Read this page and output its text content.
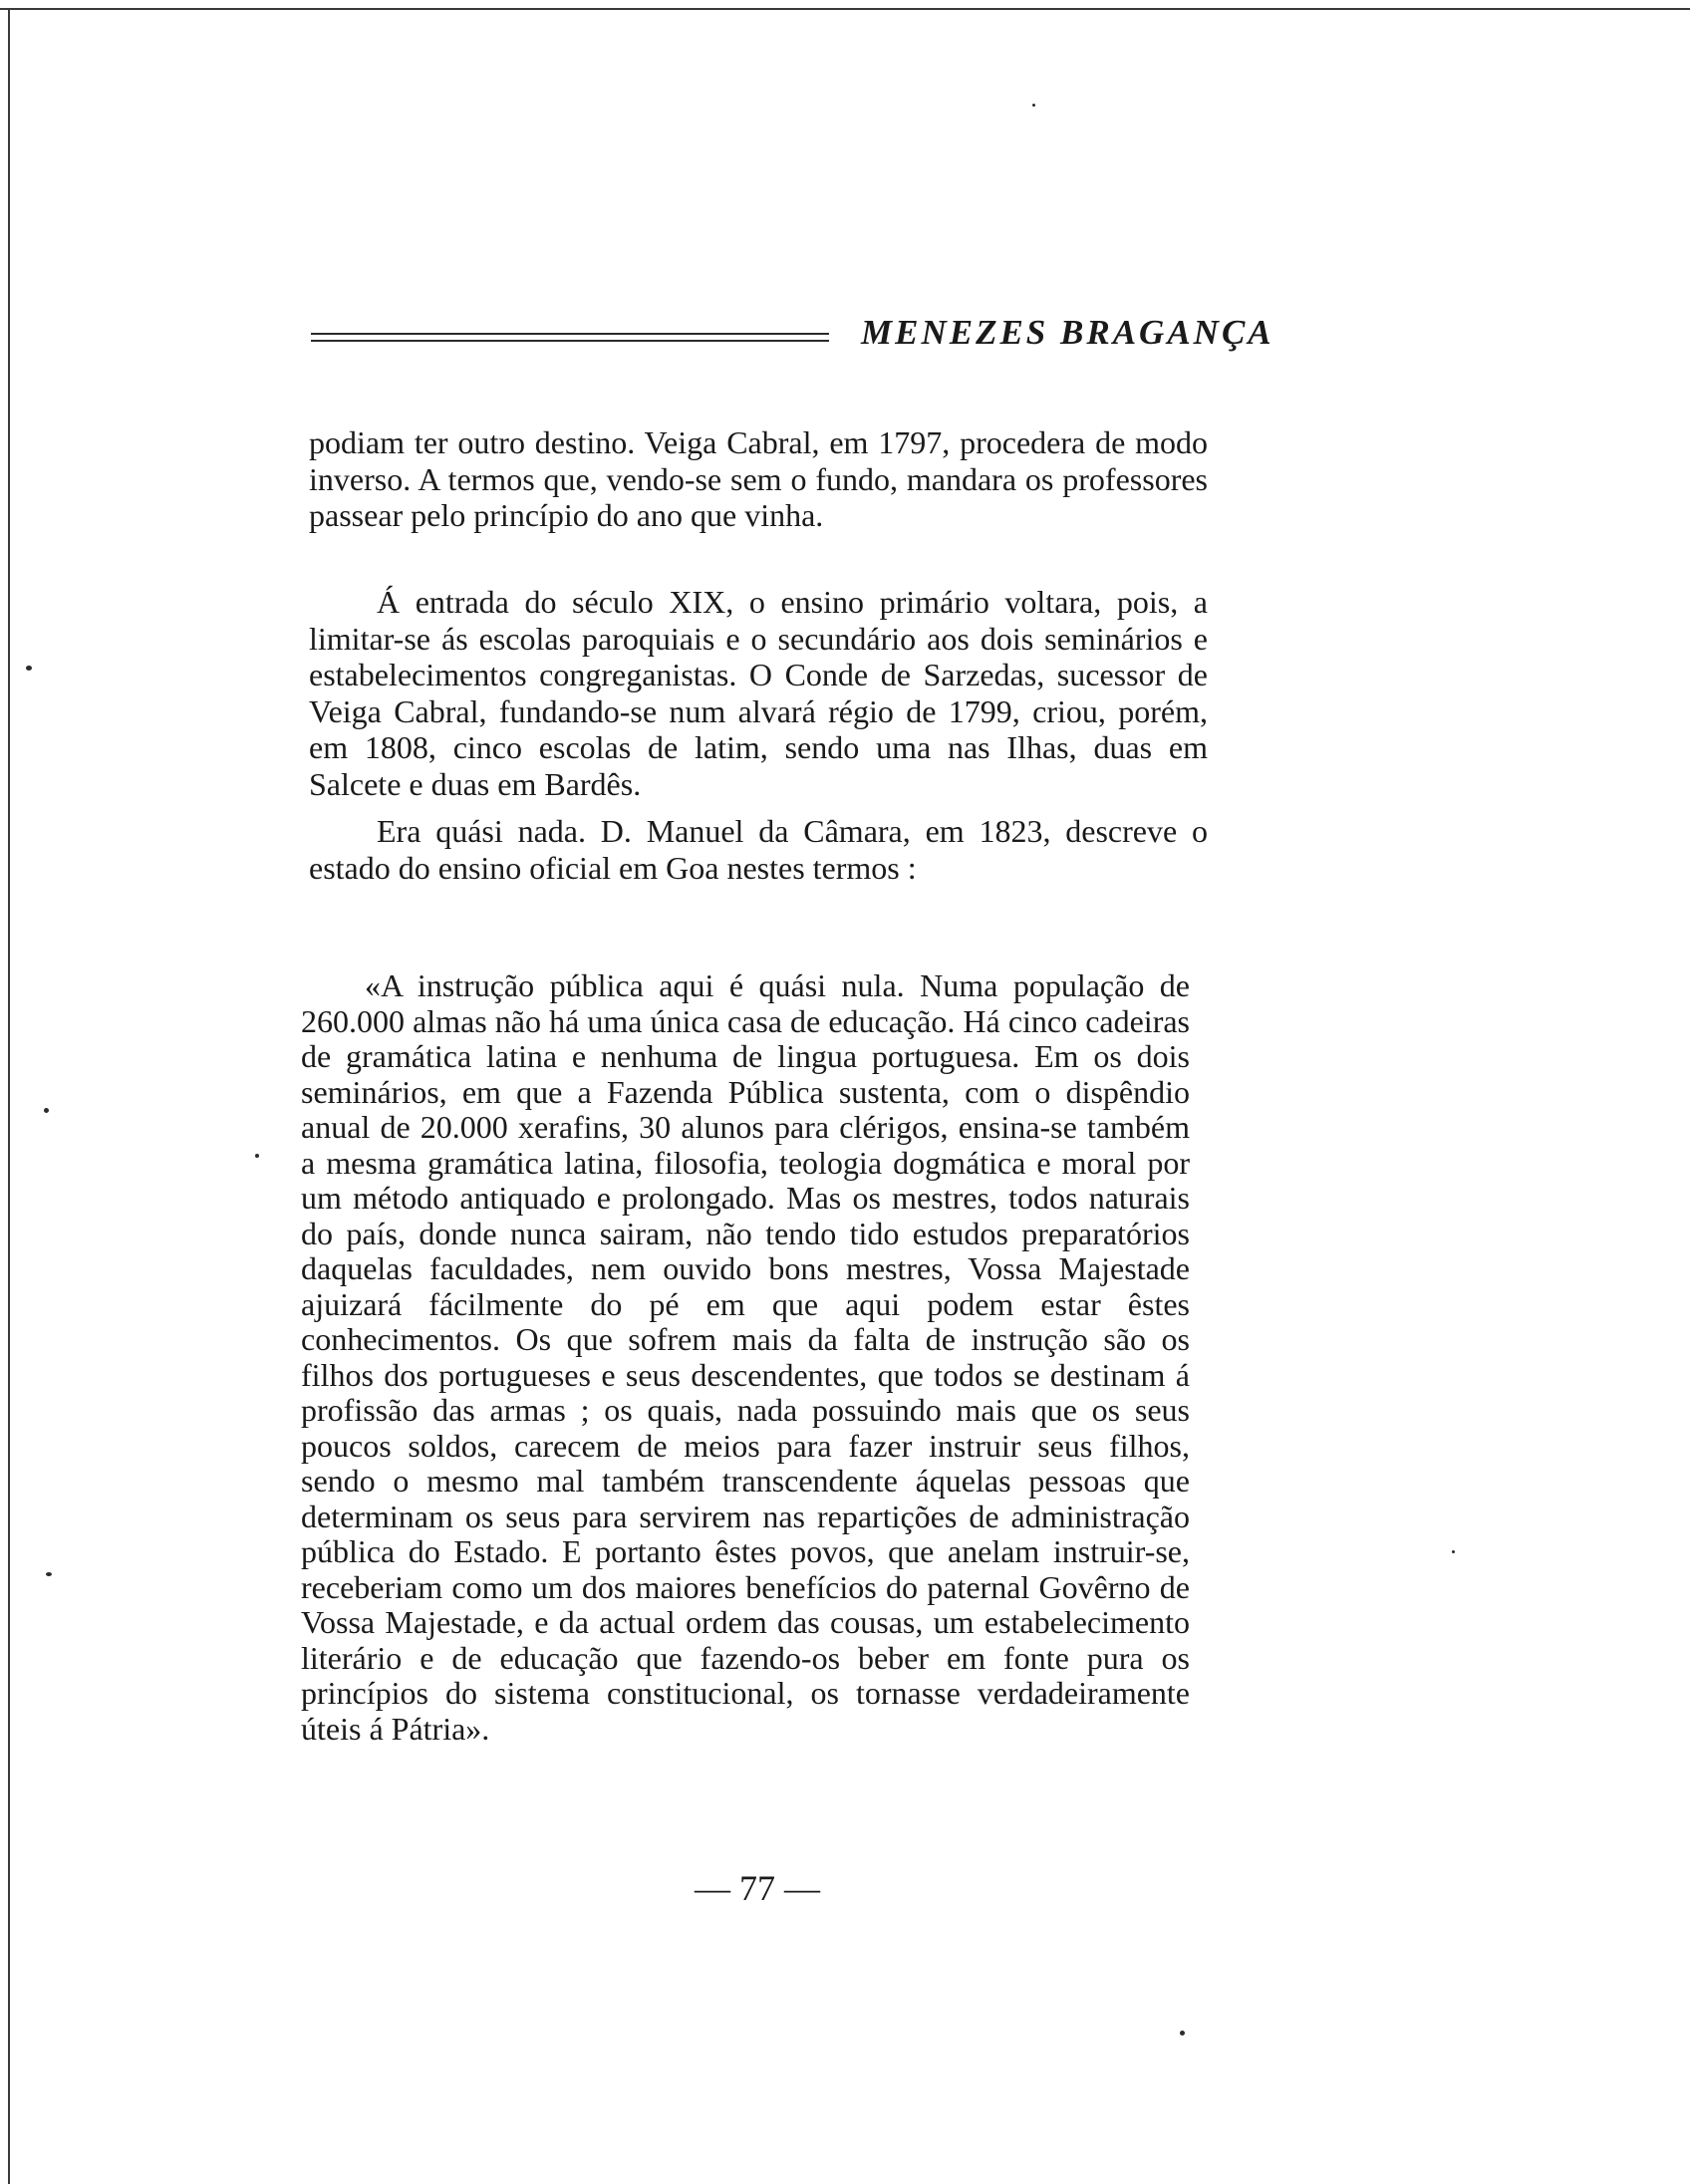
MENEZES BRAGANÇA

podiam ter outro destino. Veiga Cabral, em 1797, procedera de modo inverso. A termos que, vendo-se sem o fundo, mandara os professores passear pelo princípio do ano que vinha.

Á entrada do século XIX, o ensino primário voltara, pois, a limitar-se ás escolas paroquiais e o secundário aos dois seminários e estabelecimentos congreganistas. O Conde de Sarzedas, sucessor de Veiga Cabral, fundando-se num alvará régio de 1799, criou, porém, em 1808, cinco escolas de latim, sendo uma nas Ilhas, duas em Salcete e duas em Bardês.

Era quási nada. D. Manuel da Câmara, em 1823, descreve o estado do ensino oficial em Goa nestes termos :

«A instrução pública aqui é quási nula. Numa população de 260.000 almas não há uma única casa de educação. Há cinco cadeiras de gramática latina e nenhuma de lingua portuguesa. Em os dois seminários, em que a Fazenda Pública sustenta, com o dispêndio anual de 20.000 xerafins, 30 alunos para clérigos, ensina-se também a mesma gramática latina, filosofia, teologia dogmática e moral por um método antiquado e prolongado. Mas os mestres, todos naturais do país, donde nunca sairam, não tendo tido estudos preparatórios daquelas faculdades, nem ouvido bons mestres, Vossa Majestade ajuizará fácilmente do pé em que aqui podem estar êstes conhecimentos. Os que sofrem mais da falta de instrução são os filhos dos portugueses e seus descendentes, que todos se destinam á profissão das armas ; os quais, nada possuindo mais que os seus poucos soldos, carecem de meios para fazer instruir seus filhos, sendo o mesmo mal também transcendente áquelas pessoas que determinam os seus para servirem nas repartições de administração pública do Estado. E portanto êstes povos, que anelam instruir-se, receberiam como um dos maiores benefícios do paternal Govêrno de Vossa Majestade, e da actual ordem das cousas, um estabelecimento literário e de educação que fazendo-os beber em fonte pura os princípios do sistema constitucional, os tornasse verdadeiramente úteis á Pátria».

— 77 —
